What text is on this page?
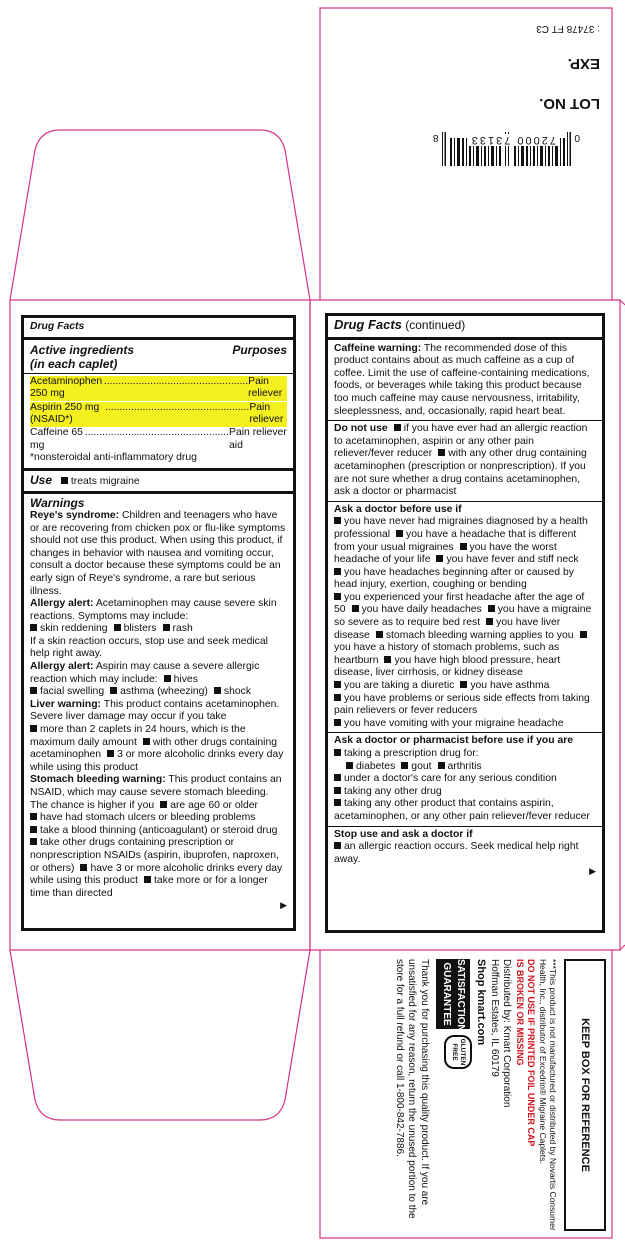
LOT NO.
EXP.
: 37478 FT C3
0
8	72000 73133
Drug Facts
Active ingredients
(in each caplet)
Purposes
Acetaminophen 250 mg
.................................................. Pain reliever
Aspirin 250 mg (NSAID*)
.................................................. Pain reliever
Caffeine 65 mg
.................................................. Pain reliever aid
*nonsteroidal anti-inflammatory drug
Use treats migraine
Warnings
Reye's syndrome: Children and teenagers who have or are recovering from chicken pox or flu-like symptoms should not use this product. When using this product, if changes in behavior with nausea and vomiting occur, consult a doctor because these symptoms could be an early sign of Reye's syndrome, a rare but serious illness.
Allergy alert: Acetaminophen may cause severe skin reactions. Symptoms may include:
skin reddening blisters rash
If a skin reaction occurs, stop use and seek medical help right away.
Allergy alert: Aspirin may cause a severe allergic reaction which may include: hives
facial swelling asthma (wheezing) shock
Liver warning: This product contains acetaminophen. Severe liver damage may occur if you take
more than 2 caplets in 24 hours, which is the maximum daily amount with other drugs containing acetaminophen 3 or more alcoholic drinks every day while using this product
Stomach bleeding warning: This product contains an NSAID, which may cause severe stomach bleeding. The chance is higher if you are age 60 or older
have had stomach ulcers or bleeding problems
take a blood thinning (anticoagulant) or steroid drug
take other drugs containing prescription or nonprescription NSAIDs (aspirin, ibuprofen, naproxen, or others) have 3 or more alcoholic drinks every day while using this product take more or for a longer time than directed
▶
Drug Facts (continued)
Caffeine warning: The recommended dose of this product contains about as much caffeine as a cup of coffee. Limit the use of caffeine-containing medications, foods, or beverages while taking this product because too much caffeine may cause nervousness, irritability, sleeplessness, and, occasionally, rapid heart beat.
Do not use if you have ever had an allergic reaction to acetaminophen, aspirin or any other pain reliever/fever reducer with any other drug containing acetaminophen (prescription or nonprescription). If you are not sure whether a drug contains acetaminophen, ask a doctor or pharmacist
Ask a doctor before use if
you have never had migraines diagnosed by a health professional you have a headache that is different from your usual migraines you have the worst headache of your life you have fever and stiff neck
you have headaches beginning after or caused by head injury, exertion, coughing or bending
you experienced your first headache after the age of 50 you have daily headaches you have a migraine so severe as to require bed rest you have liver disease stomach bleeding warning applies to youyou have a history of stomach problems, such as heartburn you have high blood pressure, heart disease, liver cirrhosis, or kidney disease
you are taking a diuretic you have asthma
you have problems or serious side effects from taking pain relievers or fever reducers
you have vomiting with your migraine headache
Ask a doctor or pharmacist before use if you are
taking a prescription drug for:
diabetes gout arthritis
under a doctor's care for any serious condition
taking any other drug
taking any other product that contains aspirin, acetaminophen, or any other pain reliever/fever reducer
Stop use and ask a doctor if
an allergic reaction occurs. Seek medical help right away.
▶
KEEP BOX FOR REFERENCE
***This product is not manufactured or distributed by Novartis Consumer Health, Inc., distributor of Excedrin® Migraine Caplets.
DO NOT USE IF PRINTED FOIL UNDER CAP
IS BROKEN OR MISSING
Distributed by: Kmart Corporation
Hoffman Estates, IL 60179
Shop kmart.com
SATISFACTION
GUARANTEE
GLUTEN FREE
Thank you for purchasing this quality product. If you are unsatisfied for any reason, return the unused portion to the store for a full refund or call 1-800-842-7886.
